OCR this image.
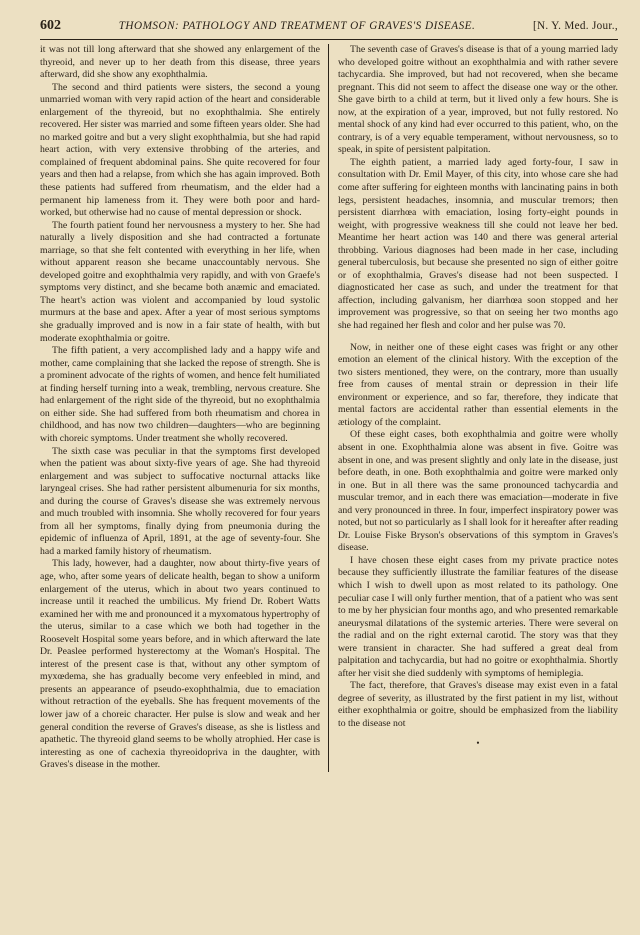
602	THOMSON: PATHOLOGY AND TREATMENT OF GRAVES'S DISEASE.	[N. Y. Med. Jour.,

it was not till long afterward that she showed any enlargement of the thyreoid, and never up to her death from this disease, three years afterward, did she show any exophthalmia.

The second and third patients were sisters, the second a young unmarried woman with very rapid action of the heart and considerable enlargement of the thyreoid, but no exophthalmia. She entirely recovered. Her sister was married and some fifteen years older. She had no marked goitre and but a very slight exophthalmia, but she had rapid heart action, with very extensive throbbing of the arteries, and complained of frequent abdominal pains. She quite recovered for four years and then had a relapse, from which she has again improved. Both these patients had suffered from rheumatism, and the elder had a permanent hip lameness from it. They were both poor and hard-worked, but otherwise had no cause of mental depression or shock.

The fourth patient found her nervousness a mystery to her. She had naturally a lively disposition and she had contracted a fortunate marriage, so that she felt contented with everything in her life, when without apparent reason she became unaccountably nervous. She developed goitre and exophthalmia very rapidly, and with von Graefe's symptoms very distinct, and she became both anæmic and emaciated. The heart's action was violent and accompanied by loud systolic murmurs at the base and apex. After a year of most serious symptoms she gradually improved and is now in a fair state of health, with but moderate exophthalmia or goitre.

The fifth patient, a very accomplished lady and a happy wife and mother, came complaining that she lacked the repose of strength. She is a prominent advocate of the rights of women, and hence felt humiliated at finding herself turning into a weak, trembling, nervous creature. She had enlargement of the right side of the thyreoid, but no exophthalmia on either side. She had suffered from both rheumatism and chorea in childhood, and has now two children—daughters—who are beginning with choreic symptoms. Under treatment she wholly recovered.

The sixth case was peculiar in that the symptoms first developed when the patient was about sixty-five years of age. She had thyreoid enlargement and was subject to suffocative nocturnal attacks like laryngeal crises. She had rather persistent albumenuria for six months, and during the course of Graves's disease she was extremely nervous and much troubled with insomnia. She wholly recovered for four years from all her symptoms, finally dying from pneumonia during the epidemic of influenza of April, 1891, at the age of seventy-four. She had a marked family history of rheumatism.

This lady, however, had a daughter, now about thirty-five years of age, who, after some years of delicate health, began to show a uniform enlargement of the uterus, which in about two years continued to increase until it reached the umbilicus. My friend Dr. Robert Watts examined her with me and pronounced it a myxomatous hypertrophy of the uterus, similar to a case which we both had together in the Roosevelt Hospital some years before, and in which afterward the late Dr. Peaslee performed hysterectomy at the Woman's Hospital. The interest of the present case is that, without any other symptom of myxœdema, she has gradually become very enfeebled in mind, and presents an appearance of pseudo-exophthalmia, due to emaciation without retraction of the eyeballs. She has frequent movements of the lower jaw of a choreic character. Her pulse is slow and weak and her general condition the reverse of Graves's disease, as she is listless and apathetic. The thyreoid gland seems to be wholly atrophied. Her case is interesting as one of cachexia thyreoidopriva in the daughter, with Graves's disease in the mother.

The seventh case of Graves's disease is that of a young married lady who developed goitre without an exophthalmia and with rather severe tachycardia. She improved, but had not recovered, when she became pregnant. This did not seem to affect the disease one way or the other. She gave birth to a child at term, but it lived only a few hours. She is now, at the expiration of a year, improved, but not fully restored. No mental shock of any kind had ever occurred to this patient, who, on the contrary, is of a very equable temperament, without nervousness, so to speak, in spite of persistent palpitation.

The eighth patient, a married lady aged forty-four, I saw in consultation with Dr. Emil Mayer, of this city, into whose care she had come after suffering for eighteen months with lancinating pains in both legs, persistent headaches, insomnia, and muscular tremors; then persistent diarrhœa with emaciation, losing forty-eight pounds in weight, with progressive weakness till she could not leave her bed. Meantime her heart action was 140 and there was general arterial throbbing. Various diagnoses had been made in her case, including general tuberculosis, but because she presented no sign of either goitre or of exophthalmia, Graves's disease had not been suspected. I diagnosticated her case as such, and under the treatment for that affection, including galvanism, her diarrhœa soon stopped and her improvement was progressive, so that on seeing her two months ago she had regained her flesh and color and her pulse was 70.

Now, in neither one of these eight cases was fright or any other emotion an element of the clinical history. With the exception of the two sisters mentioned, they were, on the contrary, more than usually free from causes of mental strain or depression in their life environment or experience, and so far, therefore, they indicate that mental factors are accidental rather than essential elements in the ætiology of the complaint.

Of these eight cases, both exophthalmia and goitre were wholly absent in one. Exophthalmia alone was absent in five. Goitre was absent in one, and was present slightly and only late in the disease, just before death, in one. Both exophthalmia and goitre were marked only in one. But in all there was the same pronounced tachycardia and muscular tremor, and in each there was emaciation—moderate in five and very pronounced in three. In four, imperfect inspiratory power was noted, but not so particularly as I shall look for it hereafter after reading Dr. Louise Fiske Bryson's observations of this symptom in Graves's disease.

I have chosen these eight cases from my private practice notes because they sufficiently illustrate the familiar features of the disease which I wish to dwell upon as most related to its pathology. One peculiar case I will only further mention, that of a patient who was sent to me by her physician four months ago, and who presented remarkable aneurysmal dilatations of the systemic arteries. There were several on the radial and on the right external carotid. The story was that they were transient in character. She had suffered a great deal from palpitation and tachycardia, but had no goitre or exophthalmia. Shortly after her visit she died suddenly with symptoms of hemiplegia.

The fact, therefore, that Graves's disease may exist even in a fatal degree of severity, as illustrated by the first patient in my list, without either exophthalmia or goitre, should be emphasized from the liability to the disease not

•
